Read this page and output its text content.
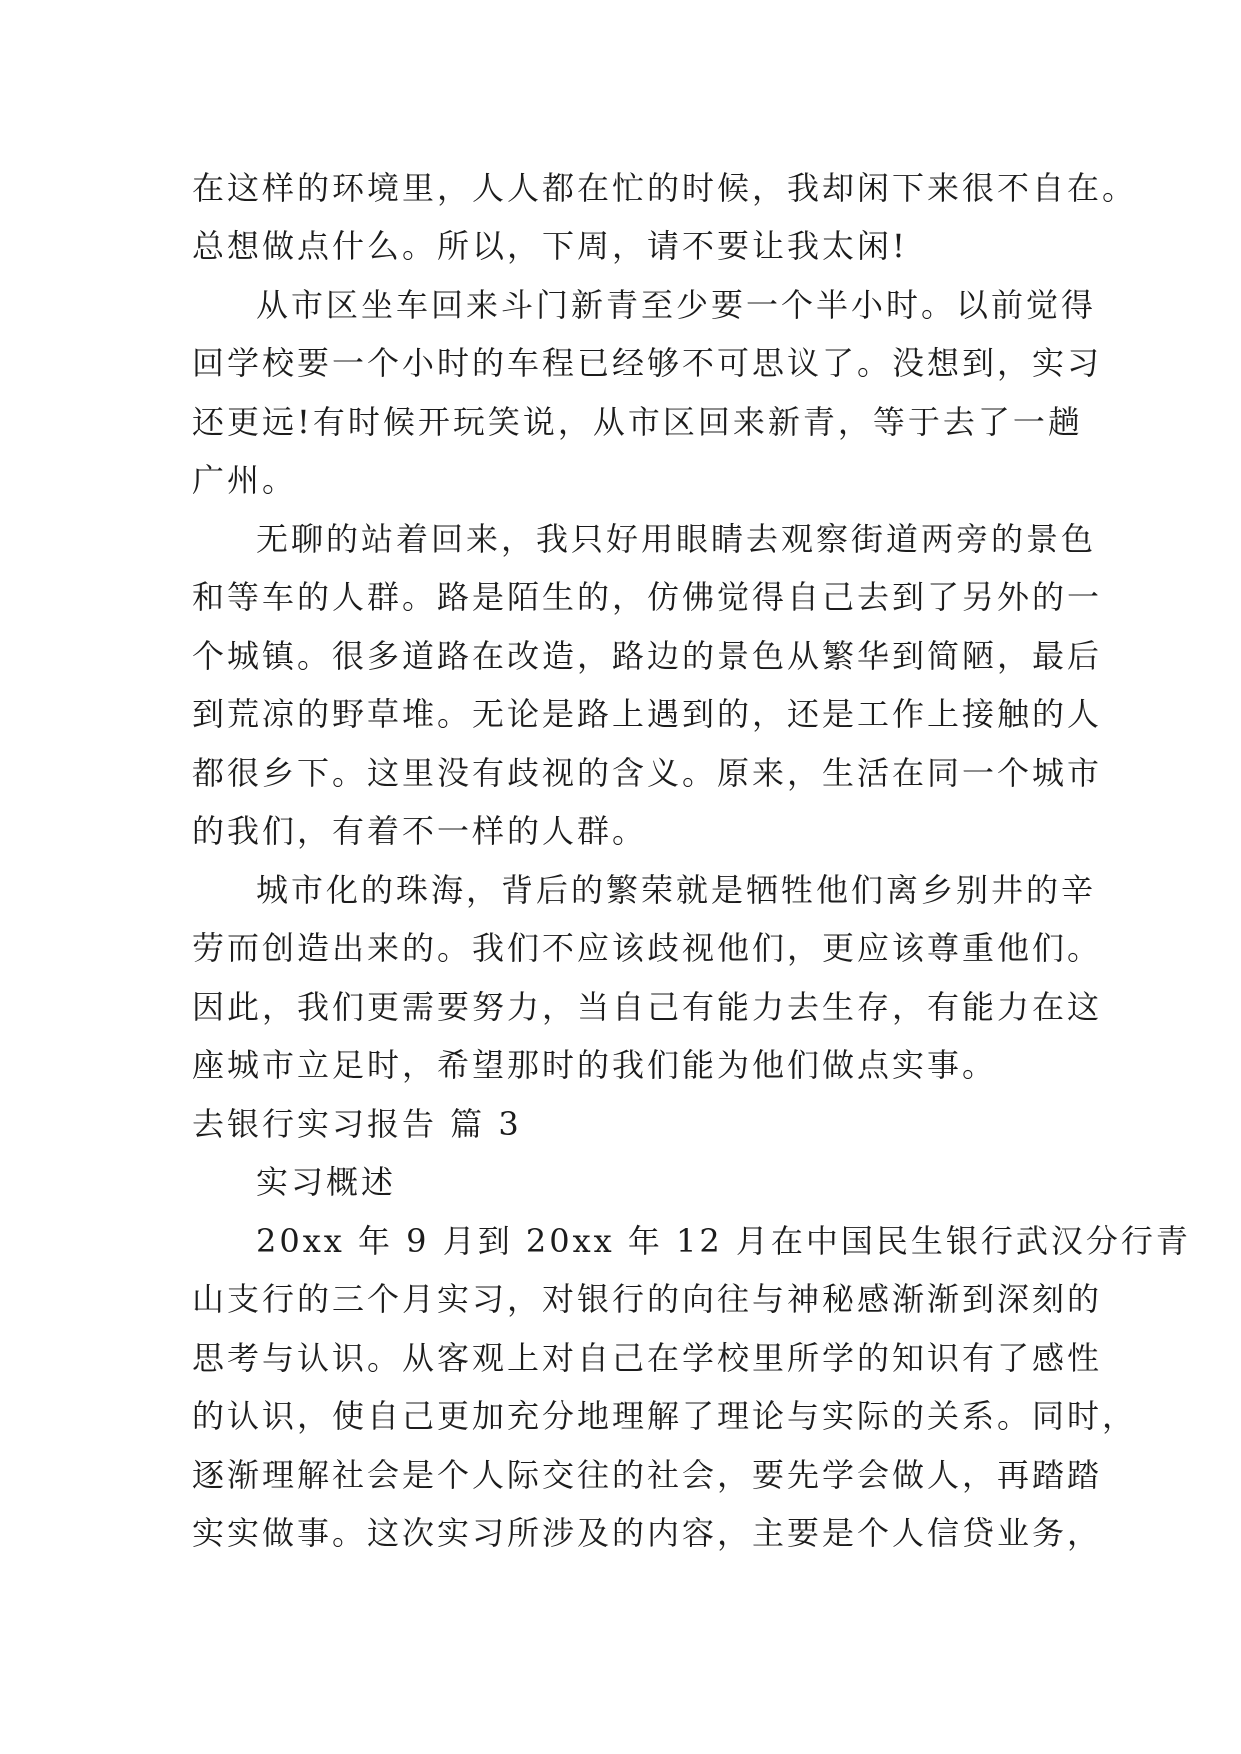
在这样的环境里，人人都在忙的时候，我却闲下来很不自在。
总想做点什么。所以，下周，请不要让我太闲!
从市区坐车回来斗门新青至少要一个半小时。以前觉得
回学校要一个小时的车程已经够不可思议了。没想到，实习
还更远!有时候开玩笑说，从市区回来新青，等于去了一趟
广州。
无聊的站着回来，我只好用眼睛去观察街道两旁的景色
和等车的人群。路是陌生的，仿佛觉得自己去到了另外的一
个城镇。很多道路在改造，路边的景色从繁华到简陋，最后
到荒凉的野草堆。无论是路上遇到的，还是工作上接触的人
都很乡下。这里没有歧视的含义。原来，生活在同一个城市
的我们，有着不一样的人群。
城市化的珠海，背后的繁荣就是牺牲他们离乡别井的辛
劳而创造出来的。我们不应该歧视他们，更应该尊重他们。
因此，我们更需要努力，当自己有能力去生存，有能力在这
座城市立足时，希望那时的我们能为他们做点实事。
去银行实习报告 篇 3
实习概述
20xx 年 9 月到 20xx 年 12 月在中国民生银行武汉分行青
山支行的三个月实习，对银行的向往与神秘感渐渐到深刻的
思考与认识。从客观上对自己在学校里所学的知识有了感性
的认识，使自己更加充分地理解了理论与实际的关系。同时，
逐渐理解社会是个人际交往的社会，要先学会做人，再踏踏
实实做事。这次实习所涉及的内容，主要是个人信贷业务，
